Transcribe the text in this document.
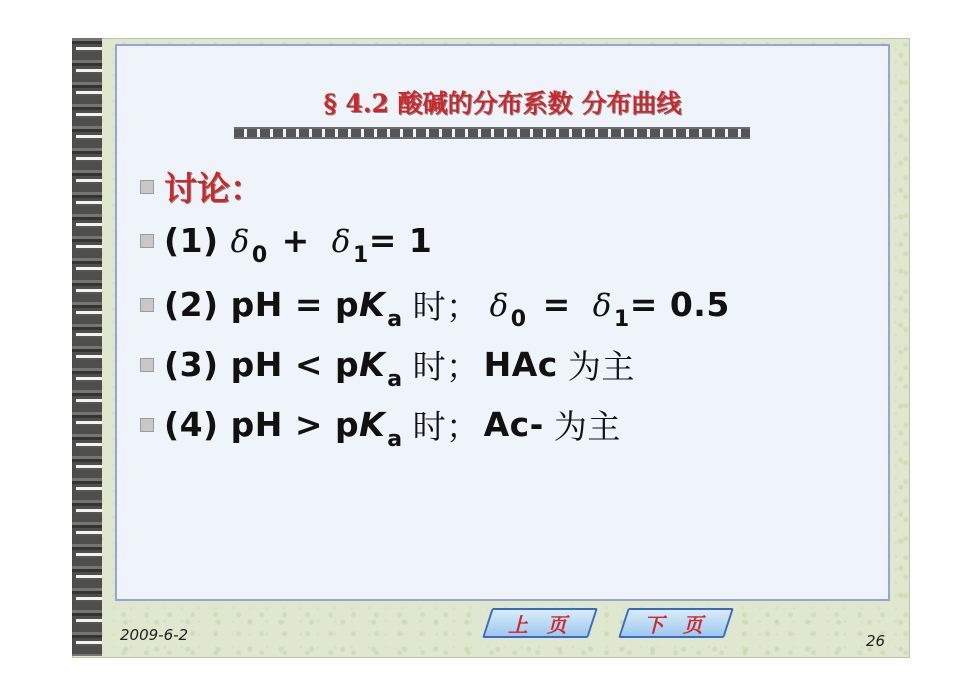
§ 4.2 酸碱的分布系数 分布曲线
讨论：
(1) $\delta_0 + \delta_1 = 1$
(2) pH = p $K_a$ 时； $\delta_0 = \delta_1 = 0.5$
(3) pH < p $K_a$ 时； HAc 为主
(4) pH > p $K_a$ 时； Ac- 为主
2009-6-2	上 页	下 页
26
